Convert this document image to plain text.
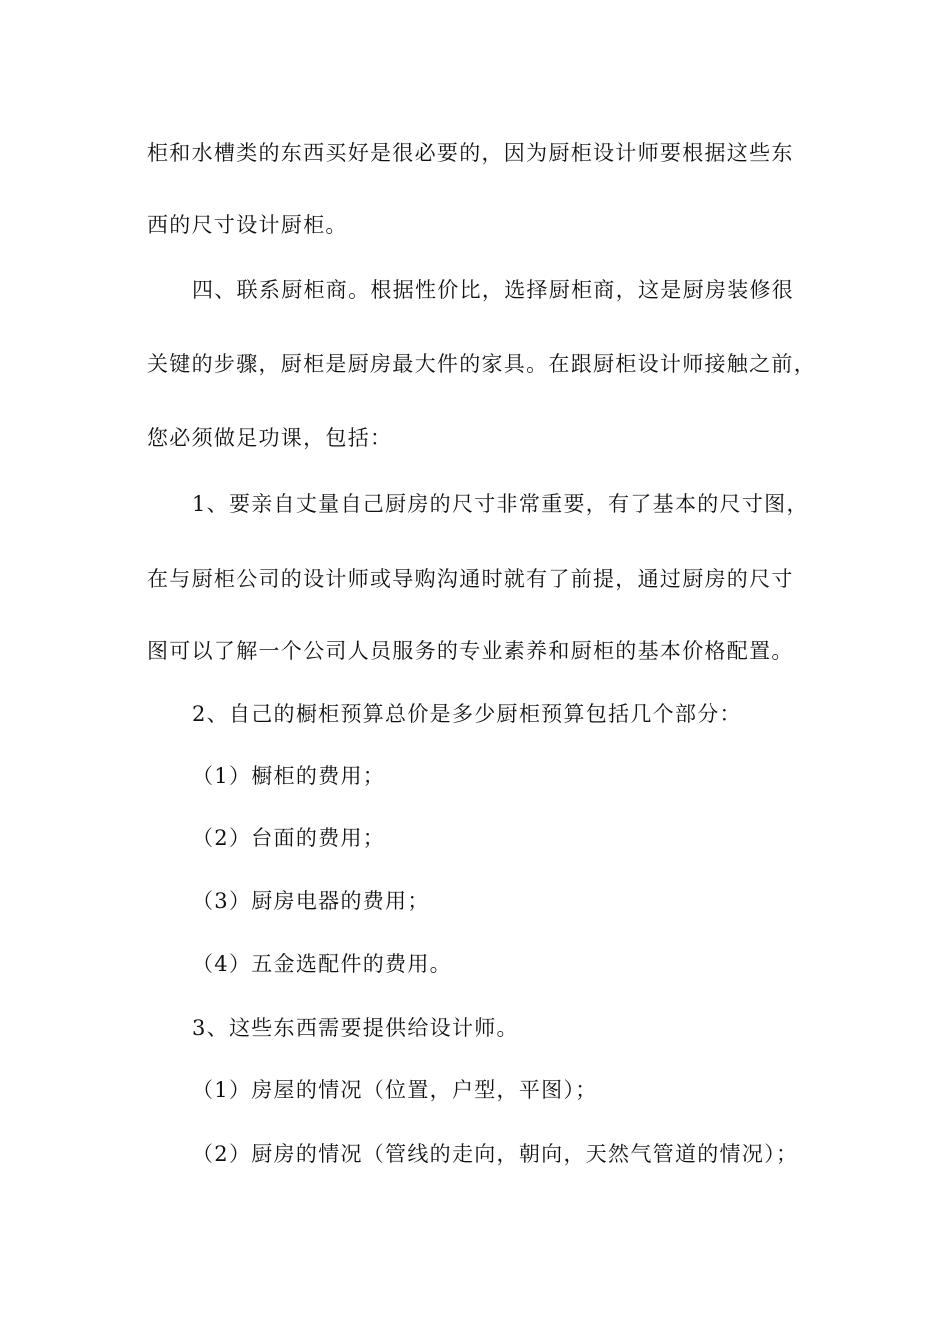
柜和水槽类的东西买好是很必要的，因为厨柜设计师要根据这些东
西的尺寸设计厨柜。
四、联系厨柜商。根据性价比，选择厨柜商，这是厨房装修很
关键的步骤，厨柜是厨房最大件的家具。在跟厨柜设计师接触之前，
您必须做足功课，包括：
1、要亲自丈量自己厨房的尺寸非常重要，有了基本的尺寸图，
在与厨柜公司的设计师或导购沟通时就有了前提，通过厨房的尺寸
图可以了解一个公司人员服务的专业素养和厨柜的基本价格配置。
2、自己的橱柜预算总价是多少厨柜预算包括几个部分：
（1）橱柜的费用；
（2）台面的费用；
（3）厨房电器的费用；
（4）五金选配件的费用。
3、这些东西需要提供给设计师。
（1）房屋的情况（位置，户型，平图）；
（2）厨房的情况（管线的走向，朝向，天然气管道的情况）；
